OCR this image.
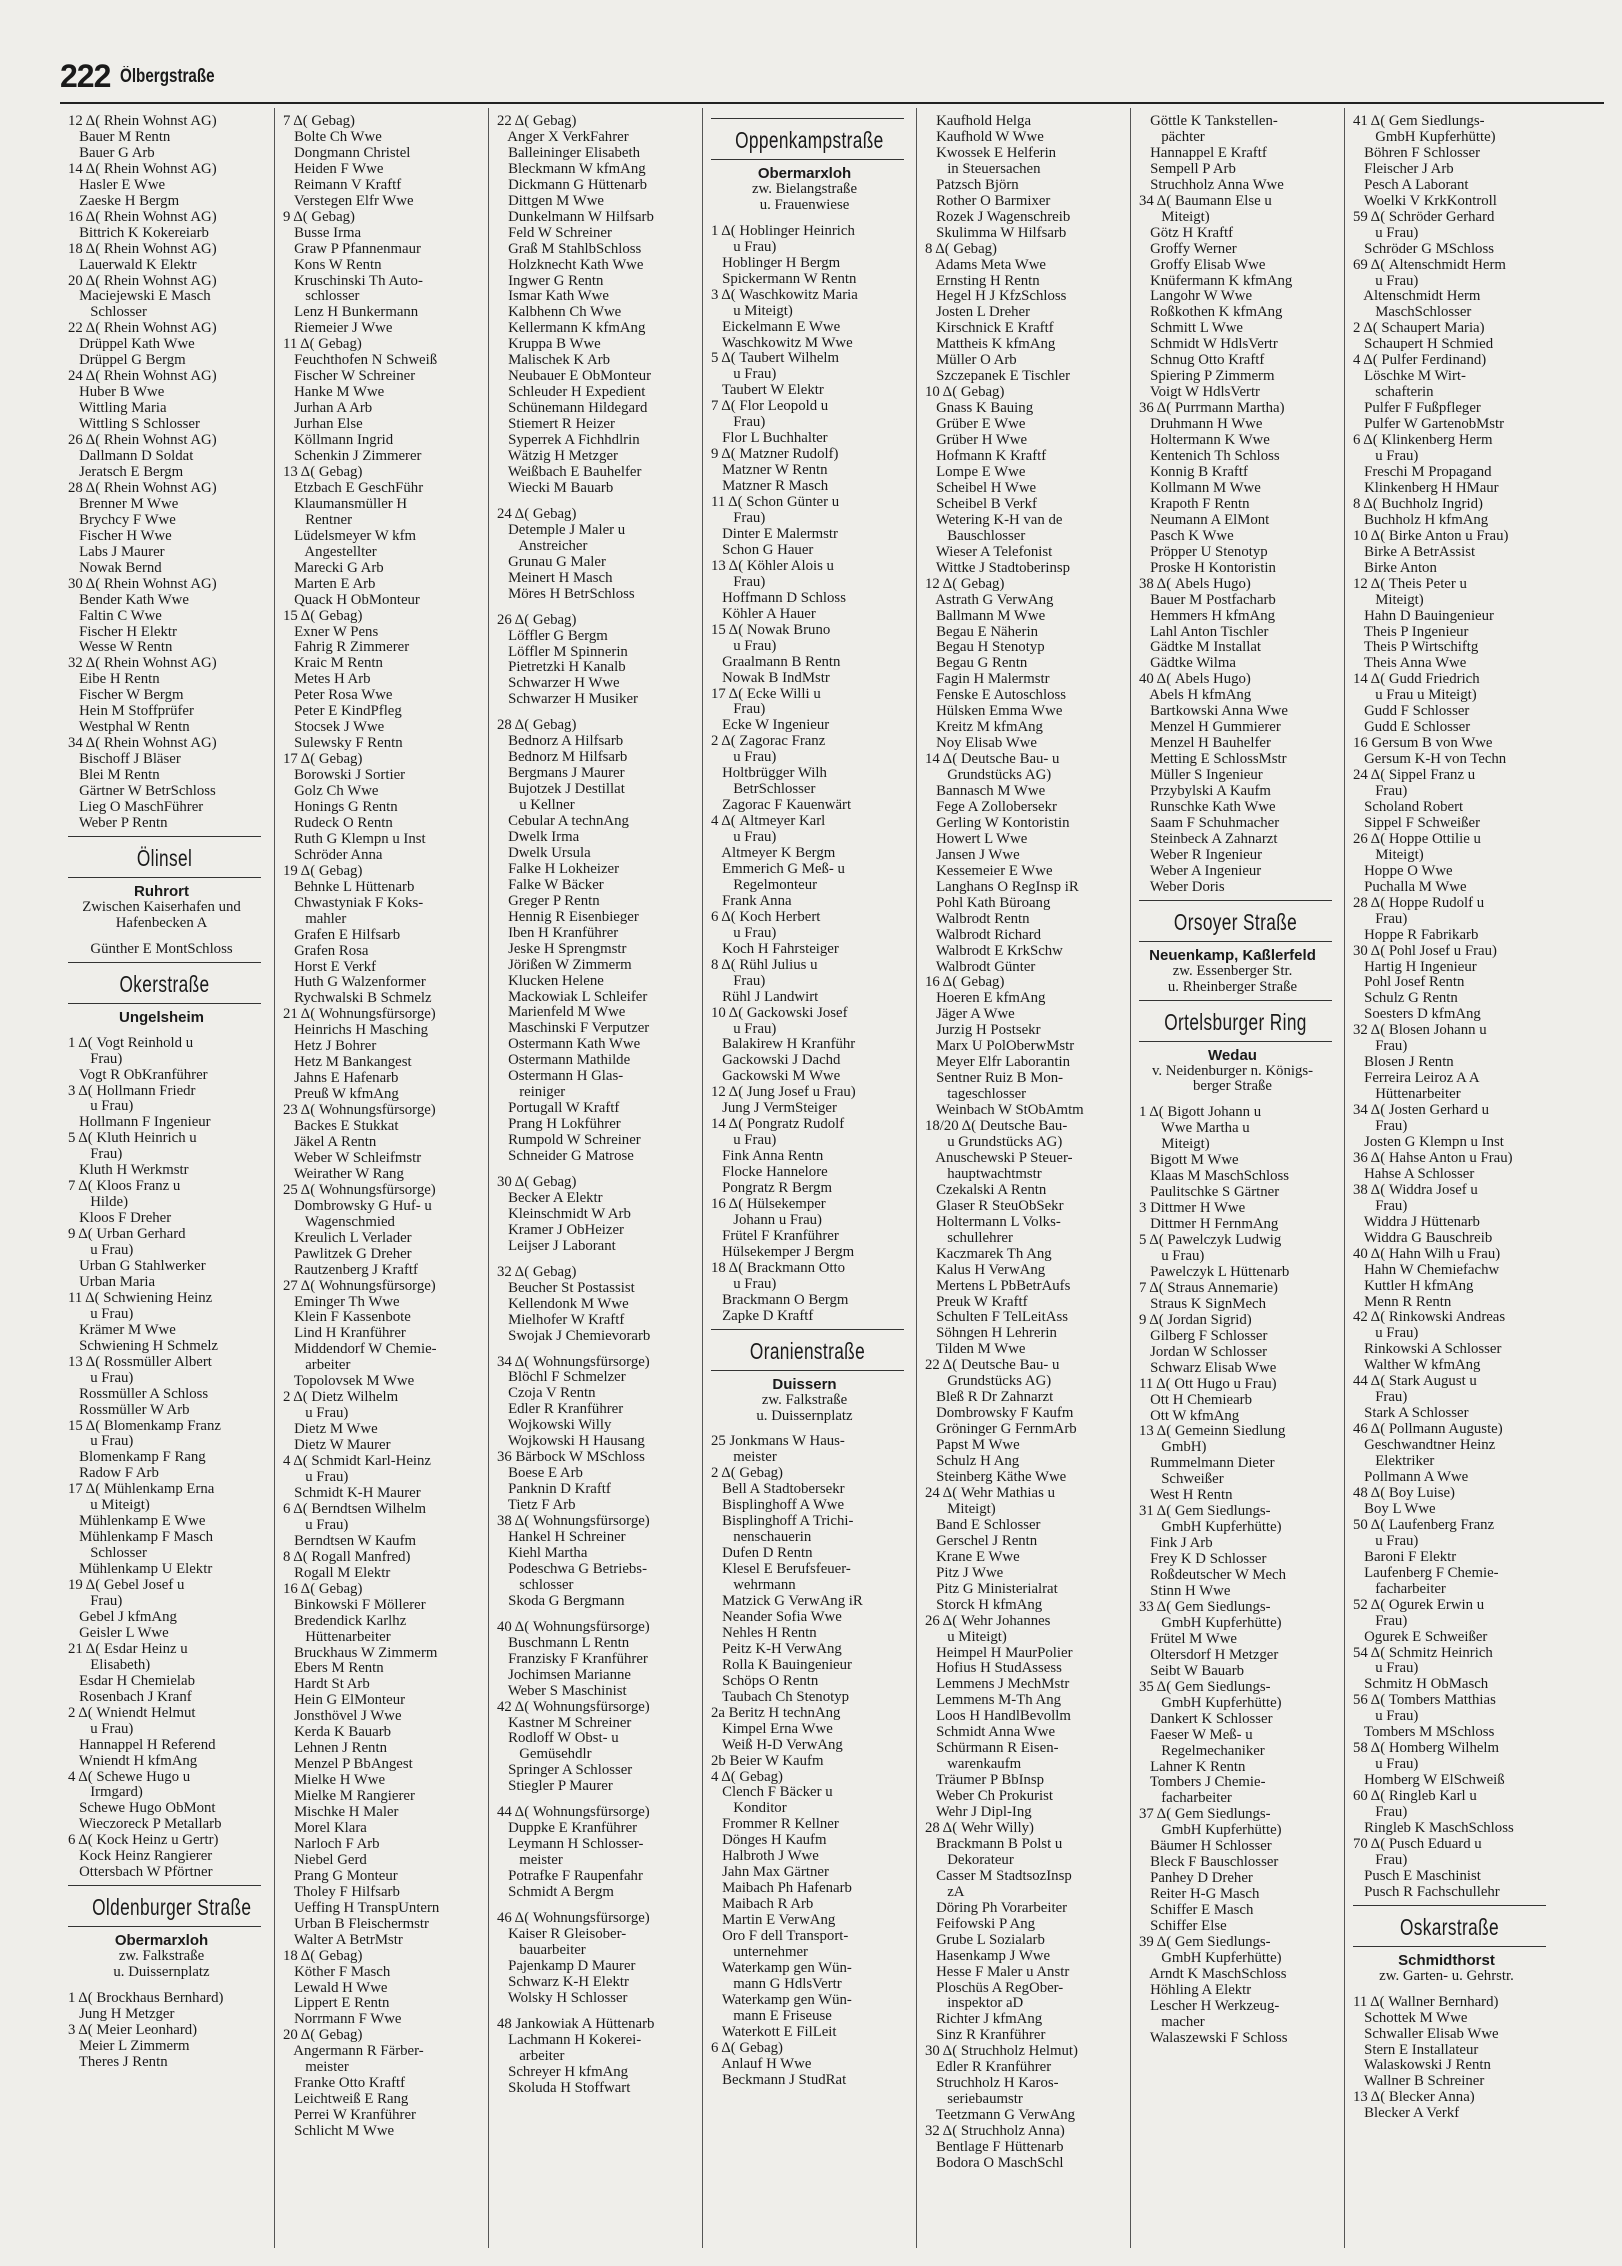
222 Ölbergstraße
12 Δ( Rhein Wohnst AG)
Bauer M Rentn
Bauer G Arb
14 Δ( Rhein Wohnst AG)
Hasler E Wwe
Zaeske H Bergm
16 Δ( Rhein Wohnst AG)
Bittrich K Kokereiarb
18 Δ( Rhein Wohnst AG)
Lauerwald K Elektr
20 Δ( Rhein Wohnst AG)
Maciejewski E Masch
Schlosser
22 Δ( Rhein Wohnst AG)
Drüppel Kath Wwe
Drüppel G Bergm
24 Δ( Rhein Wohnst AG)
Huber B Wwe
Wittling Maria
Wittling S Schlosser
26 Δ( Rhein Wohnst AG)
Dallmann D Soldat
Jeratsch E Bergm
28 Δ( Rhein Wohnst AG)
Brenner M Wwe
Brychcy F Wwe
Fischer H Wwe
Labs J Maurer
Nowak Bernd
30 Δ( Rhein Wohnst AG)
Bender Kath Wwe
Faltin C Wwe
Fischer H Elektr
Wesse W Rentn
32 Δ( Rhein Wohnst AG)
Eibe H Rentn
Fischer W Bergm
Hein M Stoffprüfer
Westphal W Rentn
34 Δ( Rhein Wohnst AG)
Bischoff J Bläser
Blei M Rentn
Gärtner W BetrSchloss
Lieg O MaschFührer
Weber P Rentn
Ölinsel
Ruhrort
Zwischen Kaiserhafen und
Hafenbecken A
Günther E MontSchloss
Okerstraße
Ungelsheim
1 Δ( Vogt Reinhold u
Frau)
Vogt R ObKranführer
3 Δ( Hollmann Friedr
u Frau)
Hollmann F Ingenieur
5 Δ( Kluth Heinrich u
Frau)
Kluth H Werkmstr
7 Δ( Kloos Franz u
Hilde)
Kloos F Dreher
9 Δ( Urban Gerhard
u Frau)
Urban G Stahlwerker
Urban Maria
11 Δ( Schwiening Heinz
u Frau)
Krämer M Wwe
Schwiening H Schmelz
13 Δ( Rossmüller Albert
u Frau)
Rossmüller A Schloss
Rossmüller W Arb
15 Δ( Blomenkamp Franz
u Frau)
Blomenkamp F Rang
Radow F Arb
17 Δ( Mühlenkamp Erna
u Miteigt)
Mühlenkamp E Wwe
Mühlenkamp F Masch
Schlosser
Mühlenkamp U Elektr
19 Δ( Gebel Josef u
Frau)
Gebel J kfmAng
Geisler L Wwe
21 Δ( Esdar Heinz u
Elisabeth)
Esdar H Chemielab
Rosenbach J Kranf
2 Δ( Wniendt Helmut
u Frau)
Hannappel H Referend
Wniendt H kfmAng
4 Δ( Schewe Hugo u
Irmgard)
Schewe Hugo ObMont
Wieczoreck P Metallarb
6 Δ( Kock Heinz u Gertr)
Kock Heinz Rangierer
Ottersbach W Pförtner
Oldenburger Straße
Obermarxloh
zw. Falkstraße
u. Duissernplatz
1 Δ( Brockhaus Bernhard)
Jung H Metzger
3 Δ( Meier Leonhard)
Meier L Zimmerm
Theres J Rentn
7 Δ( Gebag)
Bolte Ch Wwe
Dongmann Christel
Heiden F Wwe
Reimann V Kraftf
Verstegen Elfr Wwe
9 Δ( Gebag)
Busse Irma
Graw P Pfannenmaur
Kons W Rentn
Kruschinski Th Auto-
schlosser
Lenz H Bunkermann
Riemeier J Wwe
11 Δ( Gebag)
Feuchthofen N Schweiß
Fischer W Schreiner
Hanke M Wwe
Jurhan A Arb
Jurhan Else
Köllmann Ingrid
Schenkin J Zimmerer
13 Δ( Gebag)
Etzbach E GeschFühr
Klaumansmüller H
Rentner
Lüdelsmeyer W kfm
Angestellter
Marecki G Arb
Marten E Arb
Quack H ObMonteur
15 Δ( Gebag)
Exner W Pens
Fahrig R Zimmerer
Kraic M Rentn
Metes H Arb
Peter Rosa Wwe
Peter E KindPfleg
Stocsek J Wwe
Sulewsky F Rentn
17 Δ( Gebag)
Borowski J Sortier
Golz Ch Wwe
Honings G Rentn
Rudeck O Rentn
Ruth G Klempn u Inst
Schröder Anna
19 Δ( Gebag)
Behnke L Hüttenarb
Chwastyniak F Koks-
mahler
Grafen E Hilfsarb
Grafen Rosa
Horst E Verkf
Huth G Walzenformer
Rychwalski B Schmelz
21 Δ( Wohnungsfürsorge)
Heinrichs H Masching
Hetz J Bohrer
Hetz M Bankangest
Jahns E Hafenarb
Preuß W kfmAng
23 Δ( Wohnungsfürsorge)
Backes E Stukkat
Jäkel A Rentn
Weber W Schleifmstr
Weirather W Rang
25 Δ( Wohnungsfürsorge)
Dombrowsky G Huf- u
Wagenschmied
Kreulich L Verlader
Pawlitzek G Dreher
Rautzenberg J Kraftf
27 Δ( Wohnungsfürsorge)
Eminger Th Wwe
Klein F Kassenbote
Lind H Kranführer
Middendorf W Chemie-
arbeiter
Topolovsek M Wwe
2 Δ( Dietz Wilhelm
u Frau)
Dietz M Wwe
Dietz W Maurer
4 Δ( Schmidt Karl-Heinz
u Frau)
Schmidt K-H Maurer
6 Δ( Berndtsen Wilhelm
u Frau)
Berndtsen W Kaufm
8 Δ( Rogall Manfred)
Rogall M Elektr
16 Δ( Gebag)
Binkowski F Möllerer
Bredendick Karlhz
Hüttenarbeiter
Bruckhaus W Zimmerm
Ebers M Rentn
Hardt St Arb
Hein G ElMonteur
Jonsthövel J Wwe
Kerda K Bauarb
Lehnen J Rentn
Menzel P BbAngest
Mielke H Wwe
Mielke M Rangierer
Mischke H Maler
Morel Klara
Narloch F Arb
Niebel Gerd
Prang G Monteur
Tholey F Hilfsarb
Ueffing H TranspUntern
Urban B Fleischermstr
Walter A BetrMstr
18 Δ( Gebag)
Köther F Masch
Lewald H Wwe
Lippert E Rentn
Norrmann F Wwe
20 Δ( Gebag)
Angermann R Färber-
meister
Franke Otto Kraftf
Leichtweiß E Rang
Perrei W Kranführer
Schlicht M Wwe
22 Δ( Gebag)
Anger X VerkFahrer
Balleininger Elisabeth
Bleckmann W kfmAng
Dickmann G Hüttenarb
Dittgen M Wwe
Dunkelmann W Hilfsarb
Feld W Schreiner
Graß M StahlbSchloss
Holzknecht Kath Wwe
Ingwer G Rentn
Ismar Kath Wwe
Kalbhenn Ch Wwe
Kellermann K kfmAng
Kruppa B Wwe
Malischek K Arb
Neubauer E ObMonteur
Schleuder H Expedient
Schünemann Hildegard
Stiemert R Heizer
Syperrek A Fichhdlrin
Wätzig H Metzger
Weißbach E Bauhelfer
Wiecki M Bauarb
24 Δ( Gebag)
Detemple J Maler u
Anstreicher
Grunau G Maler
Meinert H Masch
Möres H BetrSchloss
26 Δ( Gebag)
Löffler G Bergm
Löffler M Spinnerin
Pietretzki H Kanalb
Schwarzer H Wwe
Schwarzer H Musiker
28 Δ( Gebag)
Bednorz A Hilfsarb
Bednorz M Hilfsarb
Bergmans J Maurer
Bujotzek J Destillat
u Kellner
Cebular A technAng
Dwelk Irma
Dwelk Ursula
Falke H Lokheizer
Falke W Bäcker
Greger P Rentn
Hennig R Eisenbieger
Iben H Kranführer
Jeske H Sprengmstr
Jörißen W Zimmerm
Klucken Helene
Mackowiak L Schleifer
Marienfeld M Wwe
Maschinski F Verputzer
Ostermann Kath Wwe
Ostermann Mathilde
Ostermann H Glas-
reiniger
Portugall W Kraftf
Prang H Lokführer
Rumpold W Schreiner
Schneider G Matrose
30 Δ( Gebag)
Becker A Elektr
Kleinschmidt W Arb
Kramer J ObHeizer
Leijser J Laborant
32 Δ( Gebag)
Beucher St Postassist
Kellendonk M Wwe
Mielhofer W Kraftf
Swojak J Chemievorarb
34 Δ( Wohnungsfürsorge)
Blöchl F Schmelzer
Czoja V Rentn
Edler R Kranführer
Wojkowski Willy
Wojkowski H Hausang
36 Bärbock W MSchloss
Boese E Arb
Panknin D Kraftf
Tietz F Arb
38 Δ( Wohnungsfürsorge)
Hankel H Schreiner
Kiehl Martha
Podeschwa G Betriebs-
schlosser
Skoda G Bergmann
40 Δ( Wohnungsfürsorge)
Buschmann L Rentn
Franzisky F Kranführer
Jochimsen Marianne
Weber S Maschinist
42 Δ( Wohnungsfürsorge)
Kastner M Schreiner
Rodloff W Obst- u
Gemüsehdlr
Springer A Schlosser
Stiegler P Maurer
44 Δ( Wohnungsfürsorge)
Duppke E Kranführer
Leymann H Schlosser-
meister
Potrafke F Raupenfahr
Schmidt A Bergm
46 Δ( Wohnungsfürsorge)
Kaiser R Gleisober-
bauarbeiter
Pajenkamp D Maurer
Schwarz K-H Elektr
Wolsky H Schlosser
48 Jankowiak A Hüttenarb
Lachmann H Kokerei-
arbeiter
Schreyer H kfmAng
Skoluda H Stoffwart
Oppenkampstraße
Obermarxloh
zw. Bielangstraße
u. Frauenwiese
1 Δ( Hoblinger Heinrich
u Frau)
Hoblinger H Bergm
Spickermann W Rentn
3 Δ( Waschkowitz Maria
u Miteigt)
Eickelmann E Wwe
Waschkowitz M Wwe
5 Δ( Taubert Wilhelm
u Frau)
Taubert W Elektr
7 Δ( Flor Leopold u
Frau)
Flor L Buchhalter
9 Δ( Matzner Rudolf)
Matzner W Rentn
Matzner R Masch
11 Δ( Schon Günter u
Frau)
Dinter E Malermstr
Schon G Hauer
13 Δ( Köhler Alois u
Frau)
Hoffmann D Schloss
Köhler A Hauer
15 Δ( Nowak Bruno
u Frau)
Graalmann B Rentn
Nowak B IndMstr
17 Δ( Ecke Willi u
Frau)
Ecke W Ingenieur
2 Δ( Zagorac Franz
u Frau)
Holtbrügger Wilh
BetrSchlosser
Zagorac F Kauenwärt
4 Δ( Altmeyer Karl
u Frau)
Altmeyer K Bergm
Emmerich G Meß- u
Regelmonteur
Frank Anna
6 Δ( Koch Herbert
u Frau)
Koch H Fahrsteiger
8 Δ( Rühl Julius u
Frau)
Rühl J Landwirt
10 Δ( Gackowski Josef
u Frau)
Balakirew H Kranführ
Gackowski J Dachd
Gackowski M Wwe
12 Δ( Jung Josef u Frau)
Jung J VermSteiger
14 Δ( Pongratz Rudolf
u Frau)
Fink Anna Rentn
Flocke Hannelore
Pongratz R Bergm
16 Δ( Hülsekemper
Johann u Frau)
Frütel F Kranführer
Hülsekemper J Bergm
18 Δ( Brackmann Otto
u Frau)
Brackmann O Bergm
Zapke D Kraftf
Oranienstraße
Duissern
zw. Falkstraße
u. Duissernplatz
25 Jonkmans W Haus-
meister
2 Δ( Gebag)
Bell A Stadtobersekr
Bisplinghoff A Wwe
Bisplinghoff A Trichi-
nenschauerin
Dufen D Rentn
Klesel E Berufsfeuer-
wehrmann
Matzick G VerwAng iR
Neander Sofia Wwe
Nehles H Rentn
Peitz K-H VerwAng
Rolla K Bauingenieur
Schöps O Rentn
Taubach Ch Stenotyp
2a Beritz H technAng
Kimpel Erna Wwe
Weiß H-D VerwAng
2b Beier W Kaufm
4 Δ( Gebag)
Clench F Bäcker u
Konditor
Frommer R Kellner
Dönges H Kaufm
Halbroth J Wwe
Jahn Max Gärtner
Maibach Ph Hafenarb
Maibach R Arb
Martin E VerwAng
Oro F dell Transport-
unternehmer
Waterkamp gen Wün-
mann G HdlsVertr
Waterkamp gen Wün-
mann E Friseuse
Waterkott E FilLeit
6 Δ( Gebag)
Anlauf H Wwe
Beckmann J StudRat
Kaufhold Helga
Kaufhold W Wwe
Kwossek E Helferin
in Steuersachen
Patzsch Björn
Rother O Barmixer
Rozek J Wagenschreib
Skulimma W Hilfsarb
8 Δ( Gebag)
Adams Meta Wwe
Ernsting H Rentn
Hegel H J KfzSchloss
Josten L Dreher
Kirschnick E Kraftf
Mattheis K kfmAng
Müller O Arb
Szczepanek E Tischler
10 Δ( Gebag)
Gnass K Bauing
Grüber E Wwe
Grüber H Wwe
Hofmann K Kraftf
Lompe E Wwe
Scheibel H Wwe
Scheibel B Verkf
Wetering K-H van de
Bauschlosser
Wieser A Telefonist
Wittke J Stadtoberinsp
12 Δ( Gebag)
Astrath G VerwAng
Ballmann M Wwe
Begau E Näherin
Begau H Stenotyp
Begau G Rentn
Fagin H Malermstr
Fenske E Autoschloss
Hülsken Emma Wwe
Kreitz M kfmAng
Noy Elisab Wwe
14 Δ( Deutsche Bau- u
Grundstücks AG)
Bannasch M Wwe
Fege A Zollobersekr
Gerling W Kontoristin
Howert L Wwe
Jansen J Wwe
Kessemeier E Wwe
Langhans O RegInsp iR
Pohl Kath Büroang
Walbrodt Rentn
Walbrodt Richard
Walbrodt E KrkSchw
Walbrodt Günter
16 Δ( Gebag)
Hoeren E kfmAng
Jäger A Wwe
Jurzig H Postsekr
Marx U PolOberwMstr
Meyer Elfr Laborantin
Sentner Ruiz B Mon-
tageschlosser
Weinbach W StObAmtm
18/20 Δ( Deutsche Bau-
u Grundstücks AG)
Anuschewski P Steuer-
hauptwachtmstr
Czekalski A Rentn
Glaser R SteuObSekr
Holtermann L Volks-
schullehrer
Kaczmarek Th Ang
Kalus H VerwAng
Mertens L PbBetrAufs
Preuk W Kraftf
Schulten F TelLeitAss
Söhngen H Lehrerin
Tilden M Wwe
22 Δ( Deutsche Bau- u
Grundstücks AG)
Bleß R Dr Zahnarzt
Dombrowsky F Kaufm
Gröninger G FernmArb
Papst M Wwe
Schulz H Ang
Steinberg Käthe Wwe
24 Δ( Wehr Mathias u
Miteigt)
Band E Schlosser
Gerschel J Rentn
Krane E Wwe
Pitz J Wwe
Pitz G Ministerialrat
Storck H kfmAng
26 Δ( Wehr Johannes
u Miteigt)
Heimpel H MaurPolier
Hofius H StudAssess
Lemmens J MechMstr
Lemmens M-Th Ang
Loos H HandlBevollm
Schmidt Anna Wwe
Schürmann R Eisen-
warenkaufm
Träumer P BbInsp
Weber Ch Prokurist
Wehr J Dipl-Ing
28 Δ( Wehr Willy)
Brackmann B Polst u
Dekorateur
Casser M StadtsozInsp
zA
Döring Ph Vorarbeiter
Feifowski P Ang
Grube L Sozialarb
Hasenkamp J Wwe
Hesse F Maler u Anstr
Ploschüs A RegOber-
inspektor aD
Richter J kfmAng
Sinz R Kranführer
30 Δ( Struchholz Helmut)
Edler R Kranführer
Struchholz H Karos-
seriebaumstr
Teetzmann G VerwAng
32 Δ( Struchholz Anna)
Bentlage F Hüttenarb
Bodora O MaschSchl
Göttle K Tankstellen-
pächter
Hannappel E Kraftf
Sempell P Arb
Struchholz Anna Wwe
34 Δ( Baumann Else u
Miteigt)
Götz H Kraftf
Groffy Werner
Groffy Elisab Wwe
Knüfermann K kfmAng
Langohr W Wwe
Roßkothen K kfmAng
Schmitt L Wwe
Schmidt W HdlsVertr
Schnug Otto Kraftf
Spiering P Zimmerm
Voigt W HdlsVertr
36 Δ( Purrmann Martha)
Druhmann H Wwe
Holtermann K Wwe
Kentenich Th Schloss
Konnig B Kraftf
Kollmann M Wwe
Krapoth F Rentn
Neumann A ElMont
Pasch K Wwe
Pröpper U Stenotyp
Proske H Kontoristin
38 Δ( Abels Hugo)
Bauer M Postfacharb
Hemmers H kfmAng
Lahl Anton Tischler
Gädtke M Installat
Gädtke Wilma
40 Δ( Abels Hugo)
Abels H kfmAng
Bartkowski Anna Wwe
Menzel H Gummierer
Menzel H Bauhelfer
Metting E SchlossMstr
Müller S Ingenieur
Przybylski A Kaufm
Runschke Kath Wwe
Saam F Schuhmacher
Steinbeck A Zahnarzt
Weber R Ingenieur
Weber A Ingenieur
Weber Doris
Orsoyer Straße
Neuenkamp, Kaßlerfeld
zw. Essenberger Str.
u. Rheinberger Straße
Ortelsburger Ring
Wedau
v. Neidenburger n. Königs-
berger Straße
1 Δ( Bigott Johann u
Wwe Martha u
Miteigt)
Bigott M Wwe
Klaas M MaschSchloss
Paulitschke S Gärtner
3 Dittmer H Wwe
Dittmer H FernmAng
5 Δ( Pawelczyk Ludwig
u Frau)
Pawelczyk L Hüttenarb
7 Δ( Straus Annemarie)
Straus K SignMech
9 Δ( Jordan Sigrid)
Gilberg F Schlosser
Jordan W Schlosser
Schwarz Elisab Wwe
11 Δ( Ott Hugo u Frau)
Ott H Chemiearb
Ott W kfmAng
13 Δ( Gemeinn Siedlung
GmbH)
Rummelmann Dieter
Schweißer
West H Rentn
31 Δ( Gem Siedlungs-
GmbH Kupferhütte)
Fink J Arb
Frey K D Schlosser
Roßdeutscher W Mech
Stinn H Wwe
33 Δ( Gem Siedlungs-
GmbH Kupferhütte)
Frütel M Wwe
Oltersdorf H Metzger
Seibt W Bauarb
35 Δ( Gem Siedlungs-
GmbH Kupferhütte)
Dankert K Schlosser
Faeser W Meß- u
Regelmechaniker
Lahner K Rentn
Tombers J Chemie-
facharbeiter
37 Δ( Gem Siedlungs-
GmbH Kupferhütte)
Bäumer H Schlosser
Bleck F Bauschlosser
Panhey D Dreher
Reiter H-G Masch
Schiffer E Masch
Schiffer Else
39 Δ( Gem Siedlungs-
GmbH Kupferhütte)
Arndt K MaschSchloss
Höhling A Elektr
Lescher H Werkzeug-
macher
Walaszewski F Schloss
41 Δ( Gem Siedlungs-
GmbH Kupferhütte)
Böhren F Schlosser
Fleischer J Arb
Pesch A Laborant
Woelki V KrkKontroll
59 Δ( Schröder Gerhard
u Frau)
Schröder G MSchloss
69 Δ( Altenschmidt Herm
u Frau)
Altenschmidt Herm
MaschSchlosser
2 Δ( Schaupert Maria)
Schaupert H Schmied
4 Δ( Pulfer Ferdinand)
Löschke M Wirt-
schafterin
Pulfer F Fußpfleger
Pulfer W GartenobMstr
6 Δ( Klinkenberg Herm
u Frau)
Freschi M Propagand
Klinkenberg H HMaur
8 Δ( Buchholz Ingrid)
Buchholz H kfmAng
10 Δ( Birke Anton u Frau)
Birke A BetrAssist
Birke Anton
12 Δ( Theis Peter u
Miteigt)
Hahn D Bauingenieur
Theis P Ingenieur
Theis P Wirtschiftg
Theis Anna Wwe
14 Δ( Gudd Friedrich
u Frau u Miteigt)
Gudd F Schlosser
Gudd E Schlosser
16 Gersum B von Wwe
Gersum K-H von Techn
24 Δ( Sippel Franz u
Frau)
Scholand Robert
Sippel F Schweißer
26 Δ( Hoppe Ottilie u
Miteigt)
Hoppe O Wwe
Puchalla M Wwe
28 Δ( Hoppe Rudolf u
Frau)
Hoppe R Fabrikarb
30 Δ( Pohl Josef u Frau)
Hartig H Ingenieur
Pohl Josef Rentn
Schulz G Rentn
Soesters D kfmAng
32 Δ( Blosen Johann u
Frau)
Blosen J Rentn
Ferreira Leiroz A A
Hüttenarbeiter
34 Δ( Josten Gerhard u
Frau)
Josten G Klempn u Inst
36 Δ( Hahse Anton u Frau)
Hahse A Schlosser
38 Δ( Widdra Josef u
Frau)
Widdra J Hüttenarb
Widdra G Bauschreib
40 Δ( Hahn Wilh u Frau)
Hahn W Chemiefachw
Kuttler H kfmAng
Menn R Rentn
42 Δ( Rinkowski Andreas
u Frau)
Rinkowski A Schlosser
Walther W kfmAng
44 Δ( Stark August u
Frau)
Stark A Schlosser
46 Δ( Pollmann Auguste)
Geschwandtner Heinz
Elektriker
Pollmann A Wwe
48 Δ( Boy Luise)
Boy L Wwe
50 Δ( Laufenberg Franz
u Frau)
Baroni F Elektr
Laufenberg F Chemie-
facharbeiter
52 Δ( Ogurek Erwin u
Frau)
Ogurek E Schweißer
54 Δ( Schmitz Heinrich
u Frau)
Schmitz H ObMasch
56 Δ( Tombers Matthias
u Frau)
Tombers M MSchloss
58 Δ( Homberg Wilhelm
u Frau)
Homberg W ElSchweiß
60 Δ( Ringleb Karl u
Frau)
Ringleb K MaschSchloss
70 Δ( Pusch Eduard u
Frau)
Pusch E Maschinist
Pusch R Fachschullehr
Oskarstraße
Schmidthorst
zw. Garten- u. Gehrstr.
11 Δ( Wallner Bernhard)
Schottek M Wwe
Schwaller Elisab Wwe
Stern E Installateur
Walaskowski J Rentn
Wallner B Schreiner
13 Δ( Blecker Anna)
Blecker A Verkf
